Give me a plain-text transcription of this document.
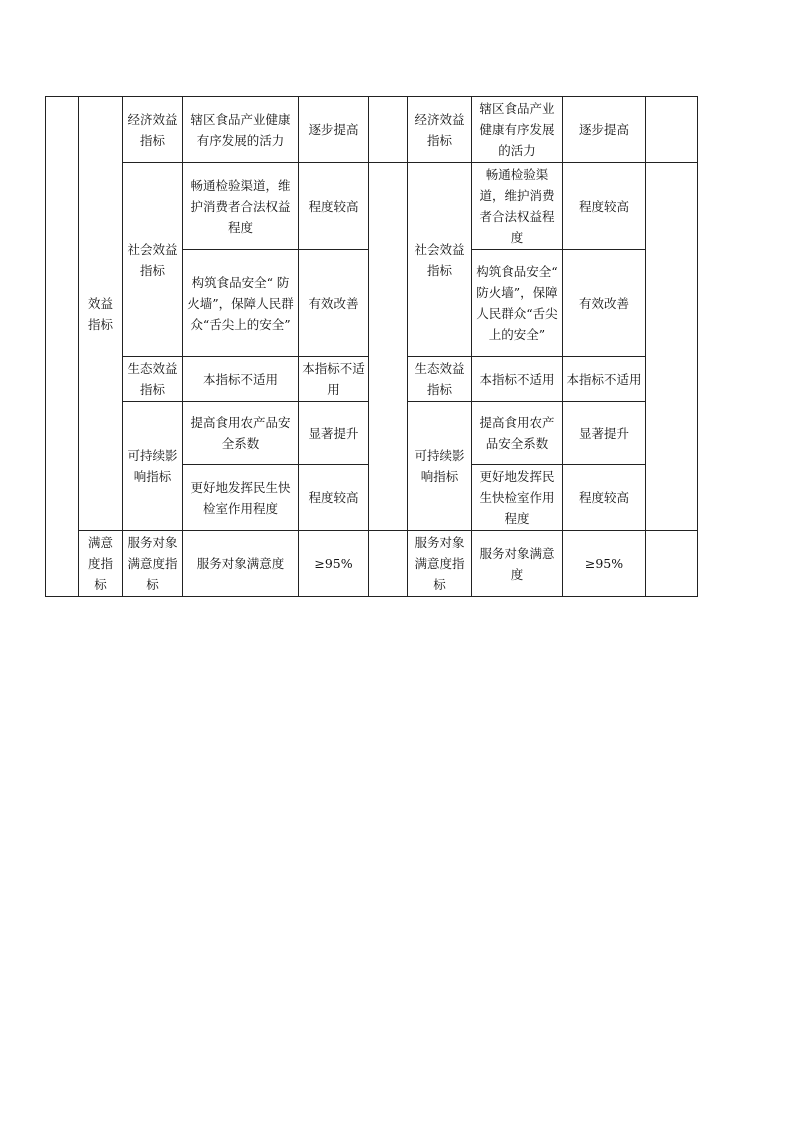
	效益指标	经济效益指标	辖区食品产业健康有序发展的活力	逐步提高		经济效益指标	辖区食品产业健康有序发展的活力	逐步提高	
		社会效益指标	畅通检验渠道，维护消费者合法权益程度	程度较高		社会效益指标	畅通检验渠道，维护消费者合法权益程度	程度较高	
			构筑食品安全“ 防火墙”，保障人民群众“舌尖上的安全”	有效改善			构筑食品安全“ 防火墙”，保障人民群众“舌尖上的安全”	有效改善	
		生态效益指标	本指标不适用	本指标不适用		生态效益指标	本指标不适用	本指标不适用	
		可持续影响指标	提高食用农产品安全系数	显著提升		可持续影响指标	提高食用农产品安全系数	显著提升	
			更好地发挥民生快检室作用程度	程度较高			更好地发挥民生快检室作用程度	程度较高	
	满意度指标	服务对象满意度指标	服务对象满意度	≥95%		服务对象满意度指标	服务对象满意度	≥95%	
